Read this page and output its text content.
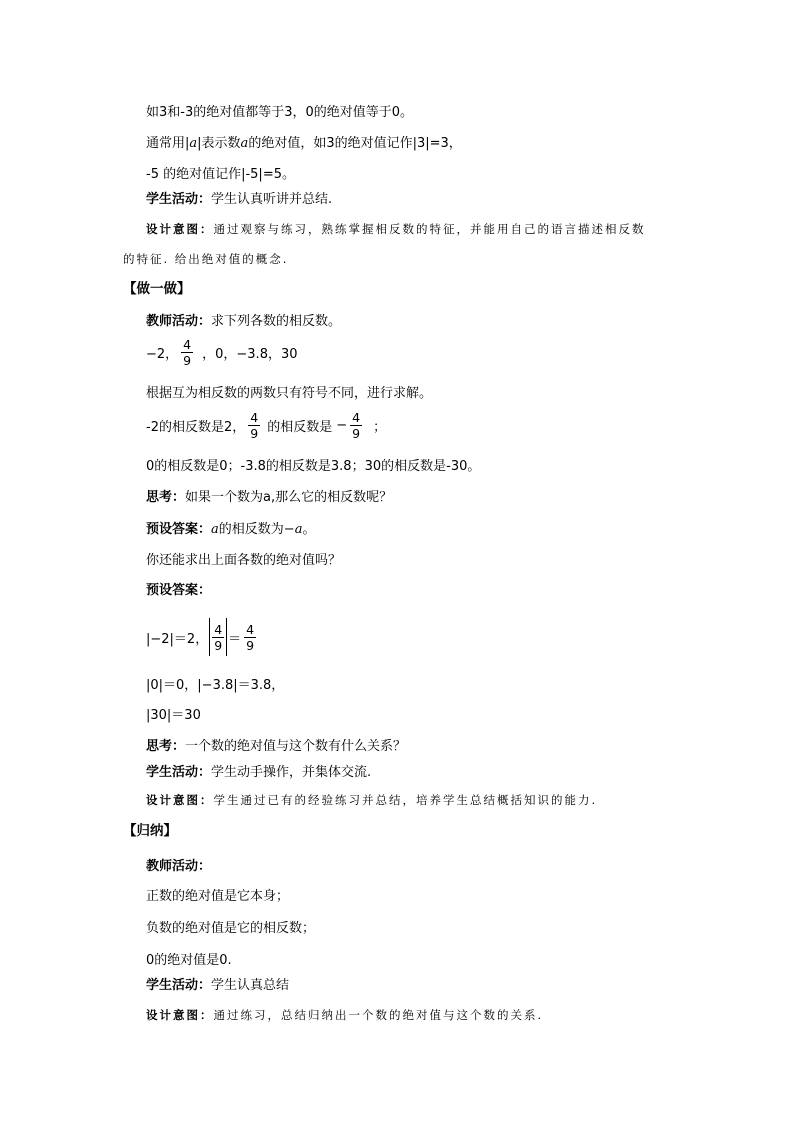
如3和-3的绝对值都等于3，0的绝对值等于0。
通常用|a|表示数a的绝对值，如3的绝对值记作|3|=3，
-5 的绝对值记作|-5|=5。
学生活动：学生认真听讲并总结.
设计意图：通过观察与练习，熟练掌握相反数的特征，并能用自己的语言描述相反数
的特征. 给出绝对值的概念.
【做一做】
教师活动：求下列各数的相反数。
−2， $\frac{4}{9}$ ，0，−3.8，30
根据互为相反数的两数只有符号不同，进行求解。
-2的相反数是2， $\frac{4}{9}$ 的相反数是 − $\frac{4}{9}$ ；
0的相反数是0；-3.8的相反数是3.8；30的相反数是-30。
思考：如果一个数为a,那么它的相反数呢？
预设答案：a的相反数为−a。
你还能求出上面各数的绝对值吗？
预设答案：
|−2|＝2， $\frac{4}{9} = \frac{4}{9}$
|0|＝0，|−3.8|＝3.8，
|30|＝30
思考：一个数的绝对值与这个数有什么关系？
学生活动：学生动手操作，并集体交流.
设计意图：学生通过已有的经验练习并总结，培养学生总结概括知识的能力.
【归纳】
教师活动：
正数的绝对值是它本身；
负数的绝对值是它的相反数；
0的绝对值是0.
学生活动：学生认真总结
设计意图：通过练习，总结归纳出一个数的绝对值与这个数的关系.
